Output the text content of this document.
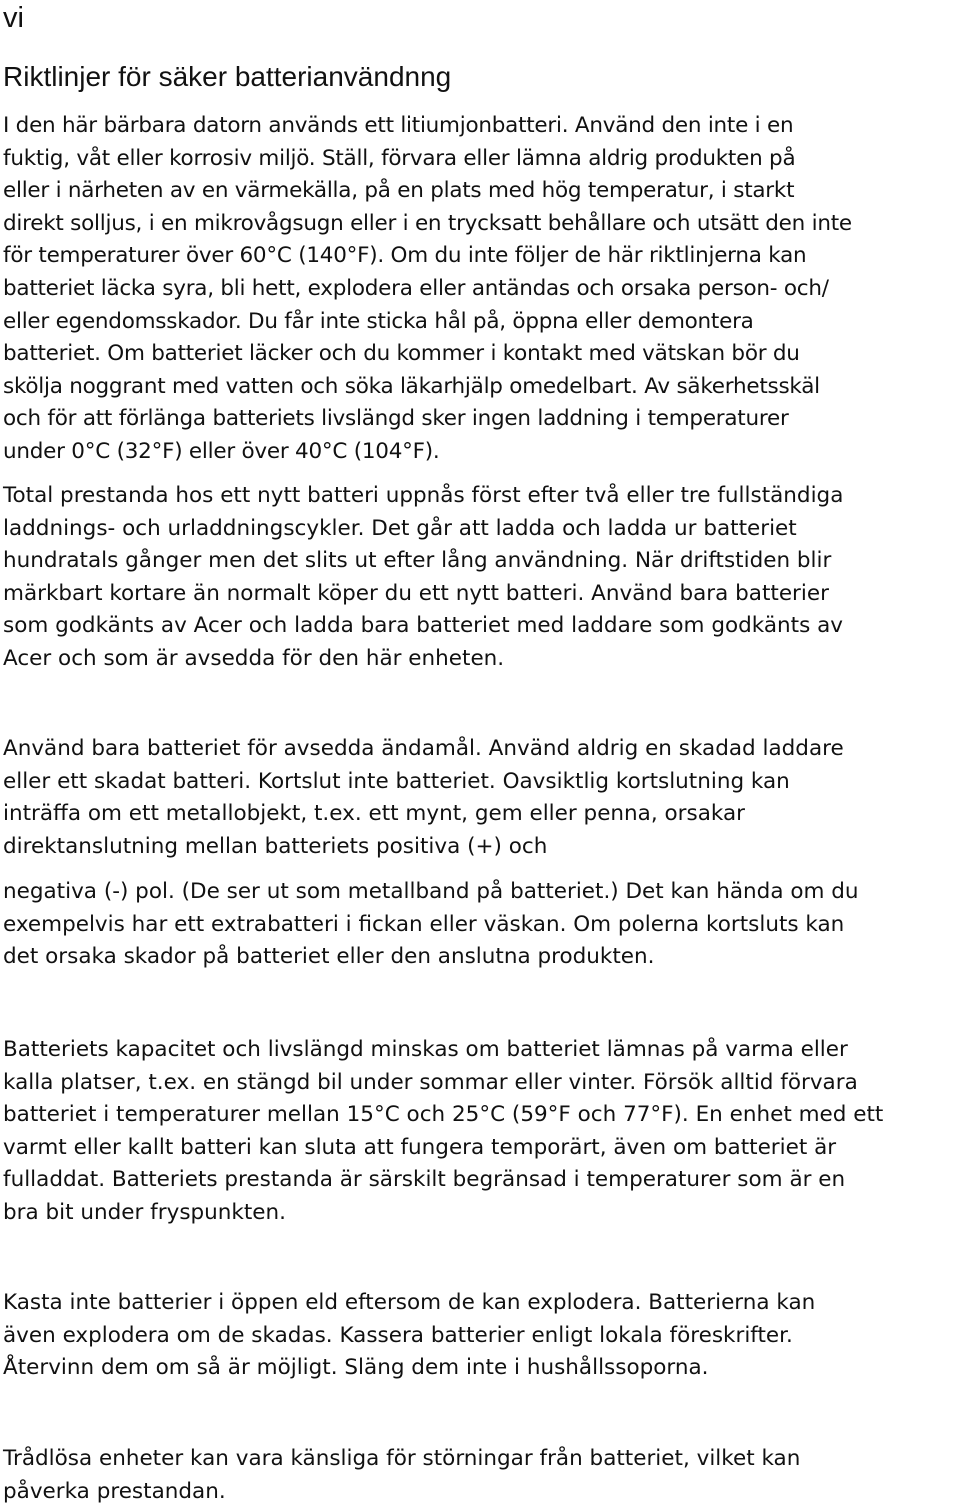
vi
Riktlinjer för säker batterianvändnng
I den här bärbara datorn används ett litiumjonbatteri. Använd den inte i en
fuktig, våt eller korrosiv miljö. Ställ, förvara eller lämna aldrig produkten på
eller i närheten av en värmekälla, på en plats med hög temperatur, i starkt
direkt solljus, i en mikrovågsugn eller i en trycksatt behållare och utsätt den inte
för temperaturer över 60°C (140°F). Om du inte följer de här riktlinjerna kan
batteriet läcka syra, bli hett, explodera eller antändas och orsaka person- och/
eller egendomsskador. Du får inte sticka hål på, öppna eller demontera
batteriet. Om batteriet läcker och du kommer i kontakt med vätskan bör du
skölja noggrant med vatten och söka läkarhjälp omedelbart. Av säkerhetsskäl
och för att förlänga batteriets livslängd sker ingen laddning i temperaturer
under 0°C (32°F) eller över 40°C (104°F).
Total prestanda hos ett nytt batteri uppnås först efter två eller tre fullständiga
laddnings- och urladdningscykler. Det går att ladda och ladda ur batteriet
hundratals gånger men det slits ut efter lång användning. När driftstiden blir
märkbart kortare än normalt köper du ett nytt batteri. Använd bara batterier
som godkänts av Acer och ladda bara batteriet med laddare som godkänts av
Acer och som är avsedda för den här enheten.
Använd bara batteriet för avsedda ändamål. Använd aldrig en skadad laddare
eller ett skadat batteri. Kortslut inte batteriet. Oavsiktlig kortslutning kan
inträffa om ett metallobjekt, t.ex. ett mynt, gem eller penna, orsakar
direktanslutning mellan batteriets positiva (+) och
negativa (-) pol. (De ser ut som metallband på batteriet.) Det kan hända om du
exempelvis har ett extrabatteri i fickan eller väskan. Om polerna kortsluts kan
det orsaka skador på batteriet eller den anslutna produkten.
Batteriets kapacitet och livslängd minskas om batteriet lämnas på varma eller
kalla platser, t.ex. en stängd bil under sommar eller vinter. Försök alltid förvara
batteriet i temperaturer mellan 15°C och 25°C (59°F och 77°F). En enhet med ett
varmt eller kallt batteri kan sluta att fungera temporärt, även om batteriet är
fulladdat. Batteriets prestanda är särskilt begränsad i temperaturer som är en
bra bit under fryspunkten.
Kasta inte batterier i öppen eld eftersom de kan explodera. Batterierna kan
även explodera om de skadas. Kassera batterier enligt lokala föreskrifter.
Återvinn dem om så är möjligt. Släng dem inte i hushållssoporna.
Trådlösa enheter kan vara känsliga för störningar från batteriet, vilket kan
påverka prestandan.
